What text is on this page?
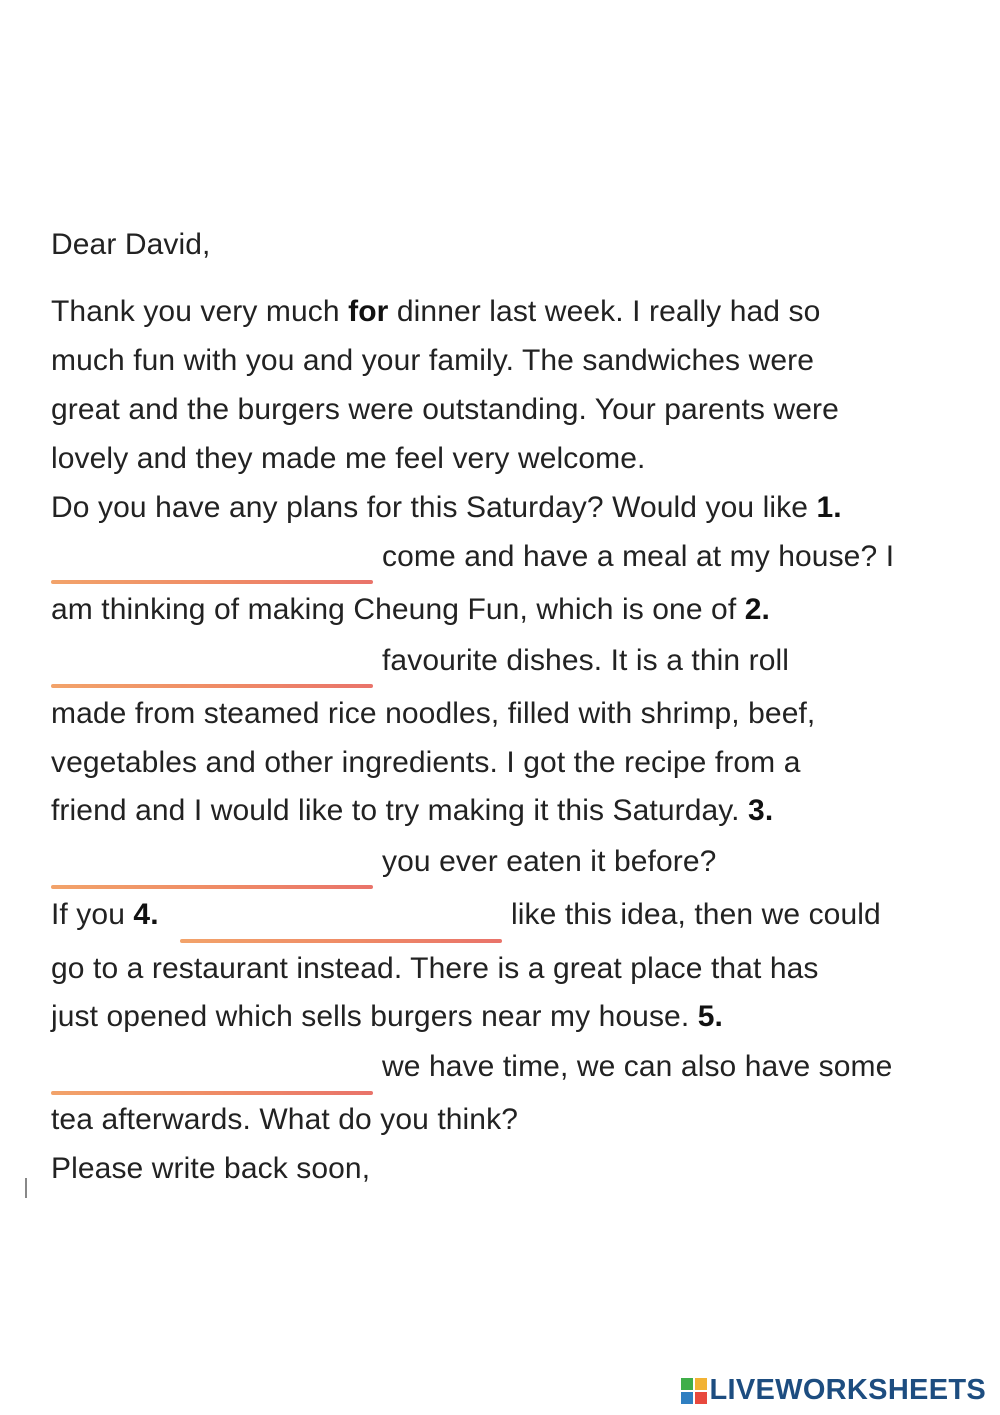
Dear David,
Thank you very much for dinner last week. I really had so
much fun with you and your family. The sandwiches were
great and the burgers were outstanding. Your parents were
lovely and they made me feel very welcome.
Do you have any plans for this Saturday? Would you like 1.
come and have a meal at my house? I
am thinking of making Cheung Fun, which is one of 2.
favourite dishes. It is a thin roll
made from steamed rice noodles, filled with shrimp, beef,
vegetables and other ingredients. I got the recipe from a
friend and I would like to try making it this Saturday. 3.
you ever eaten it before?
If you 4.	like this idea, then we could
go to a restaurant instead. There is a great place that has
just opened which sells burgers near my house. 5.
we have time, we can also have some
tea afterwards. What do you think?
Please write back soon,
LIVEWORKSHEETS
